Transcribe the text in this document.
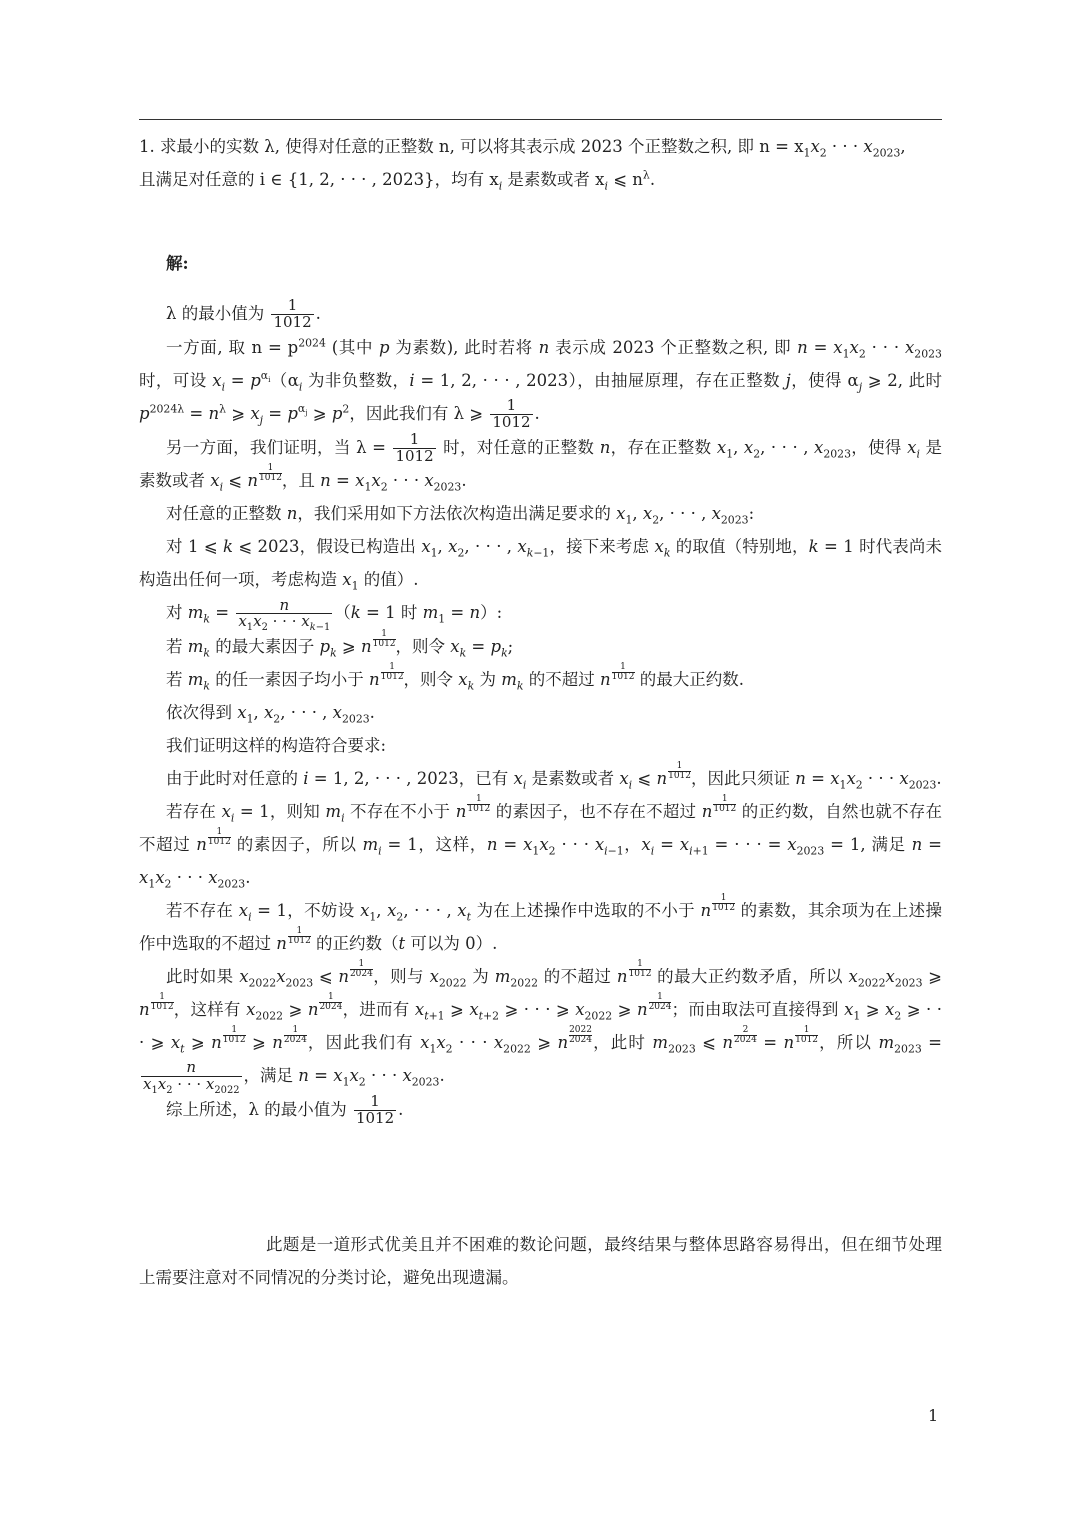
1. 求最小的实数 λ, 使得对任意的正整数 n, 可以将其表示成 2023 个正整数之积, 即 $n = x_1x_2$ · · · $x_{2023}$,

且满足对任意的 i ∈ {1, 2, · · · , 2023}，均有 $x_i$ 是素数或者 $x_i$ ⩽ $n^\lambda$.

解:

λ 的最小值为 $\frac{1}{1012}$ .

一方面, 取 $n = p^{2024}$ (其中 p 为素数), 此时若将 n 表示成 2023 个正整数之积, 即 $n = x_1x_2$ · · · $x_{2023}$ 时，可设 $x_i = p^{\alpha_i}(\alpha_i$ 为非负整数，i = 1, 2, · · · , 2023），由抽屉原理，存在正整数 j，使得 $\alpha_j$ ⩾ 2, 此时 $p^{2024\lambda} = n^\lambda$ ⩾ $x_j = p^{\alpha_j}$ ⩾ $p^2$，因此我们有 λ ⩾ $\frac{1}{1012}$ .

另一方面，我们证明，当 $\lambda = \frac{1}{1012}$ 时，对任意的正整数 n，存在正整数 $x_1$, $x_2$, · · · , $x_{2023}$，使得 $x_i$ 是素数或者 $x_i$ ⩽ n $\frac{1}{1012}$ ，且 $n = x_1x_2$ · · · $x_{2023}$.

对任意的正整数 n，我们采用如下方法依次构造出满足要求的 $x_1$, $x_2$, · · · , $x_{2023}$:

对 1 ⩽ k ⩽ 2023，假设已构造出 $x_1$, $x_2$, · · · , $x_{k-1}$，接下来考虑 $x_k$ 的取值（特别地，k = 1 时代表尚未构造出任何一项，考虑构造 $x_1$ 的值）.

对 $m_k = \frac{n}{x_1x_2 \cdot \cdot \cdot x_{k-1}} (k = 1$ 时 $m_1 = n$）:

若 $m_k$ 的最大素因子 $p_k$ ⩾ n $\frac{1}{1012}$ ，则令 $x_k = p_k$;

若 $m_k$ 的任一素因子均小于 n $\frac{1}{1012}$ ，则令 $x_k$ 为 $m_k$ 的不超过 n $\frac{1}{1012}$ 的最大正约数.

依次得到 $x_1$, $x_2$, · · · , $x_{2023}$.

我们证明这样的构造符合要求:

由于此时对任意的 i = 1, 2, · · · , 2023，已有 $x_i$ 是素数或者 $x_i$ ⩽ n $\frac{1}{1012}$ ，因此只须证 $n = x_1x_2$ · · · $x_{2023}$.

若存在 $x_i = 1$，则知 $m_i$ 不存在不小于 n $\frac{1}{1012}$ 的素因子，也不存在不超过 n $\frac{1}{1012}$ 的正约数，自然也就不存在不超过 n $\frac{1}{1012}$ 的素因子，所以 $m_i = 1$，这样，$n = x_1x_2$ · · · $x_{i-1}$，$x_i = x_{i+1}$ = · · · = $x_{2023} = 1$, 满足 $n = x_1x_2$ · · · $x_{2023}$.

若不存在 $x_i = 1$，不妨设 $x_1$, $x_2$, · · · , $x_t$ 为在上述操作中选取的不小于 n $\frac{1}{1012}$ 的素数，其余项为在上述操作中选取的不超过 n $\frac{1}{1012}$ 的正约数（t 可以为 0）.

此时如果 $x_{2022}x_{2023}$ ⩽ n $\frac{1}{2024}$ ，则与 $x_{2022}$ 为 $m_{2022}$ 的不超过 n $\frac{1}{1012}$ 的最大正约数矛盾，所以 $x_{2022}x_{2023}$ ⩾ n $\frac{1}{1012}$ ，这样有 $x_{2022}$ ⩾ n $\frac{1}{2024}$ ，进而有 $x_{t+1}$ ⩾ $x_{t+2}$ ⩾ · · · ⩾ $x_{2022}$ ⩾ n $\frac{1}{2024}$ ；而由取法可直接得到 $x_1$ ⩾ $x_2$ ⩾ · · · ⩾ $x_t$ ⩾ n $\frac{1}{1012}$ ⩾ n $\frac{1}{2024}$ ，因此我们有 $x_1x_2$ · · · $x_{2022}$ ⩾ n $\frac{2022}{2024}$ ，此时 $m_{2023}$ ⩽ n $\frac{2}{2024} = n \frac{1}{1012}$ ，所以 $m_{2023}$ =
$\frac{n}{x_1x_2 \cdot \cdot \cdot x_{2022}}$ ，满足 $n = x_1x_2$ · · · $x_{2023}$.

综上所述，λ 的最小值为 $\frac{1}{1012}$ .

此题是一道形式优美且并不困难的数论问题，最终结果与整体思路容易得出，但在细节处理上需要注意对不同情况的分类讨论，避免出现遗漏。
1
